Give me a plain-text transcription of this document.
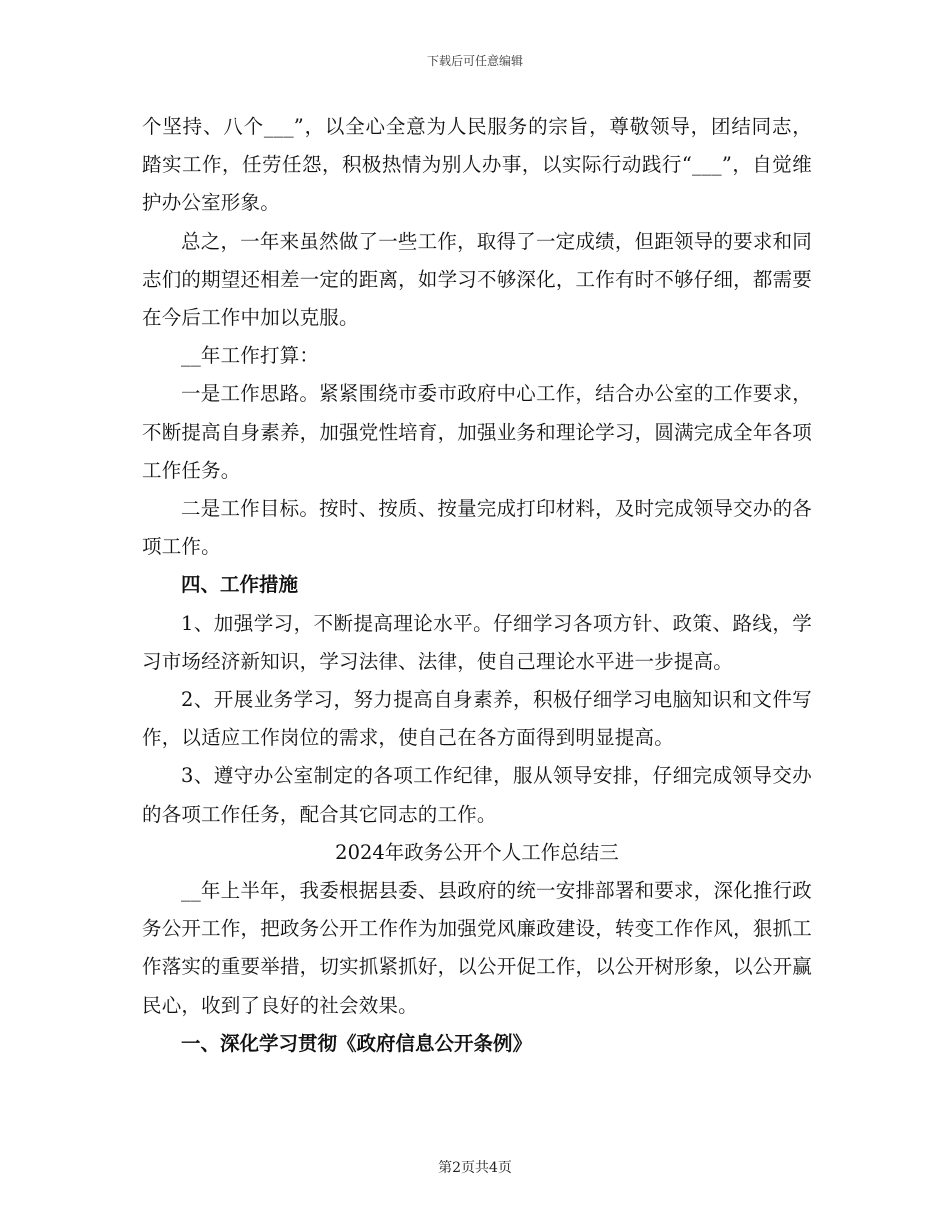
下载后可任意编辑

个坚持、八个___”，以全心全意为人民服务的宗旨，尊敬领导，团结同志，踏实工作，任劳任怨，积极热情为别人办事，以实际行动践行“___”，自觉维护办公室形象。

总之，一年来虽然做了一些工作，取得了一定成绩，但距领导的要求和同志们的期望还相差一定的距离，如学习不够深化，工作有时不够仔细，都需要在今后工作中加以克服。

__年工作打算：

一是工作思路。紧紧围绕市委市政府中心工作，结合办公室的工作要求，不断提高自身素养，加强党性培育，加强业务和理论学习，圆满完成全年各项工作任务。

二是工作目标。按时、按质、按量完成打印材料，及时完成领导交办的各项工作。

四、工作措施

1、加强学习，不断提高理论水平。仔细学习各项方针、政策、路线，学习市场经济新知识，学习法律、法律，使自己理论水平进一步提高。

2、开展业务学习，努力提高自身素养，积极仔细学习电脑知识和文件写作，以适应工作岗位的需求，使自己在各方面得到明显提高。

3、遵守办公室制定的各项工作纪律，服从领导安排，仔细完成领导交办的各项工作任务，配合其它同志的工作。

2024年政务公开个人工作总结三

__年上半年，我委根据县委、县政府的统一安排部署和要求，深化推行政务公开工作，把政务公开工作作为加强党风廉政建设，转变工作作风，狠抓工作落实的重要举措，切实抓紧抓好，以公开促工作，以公开树形象，以公开赢民心，收到了良好的社会效果。

一、深化学习贯彻《政府信息公开条例》

第2页共4页
